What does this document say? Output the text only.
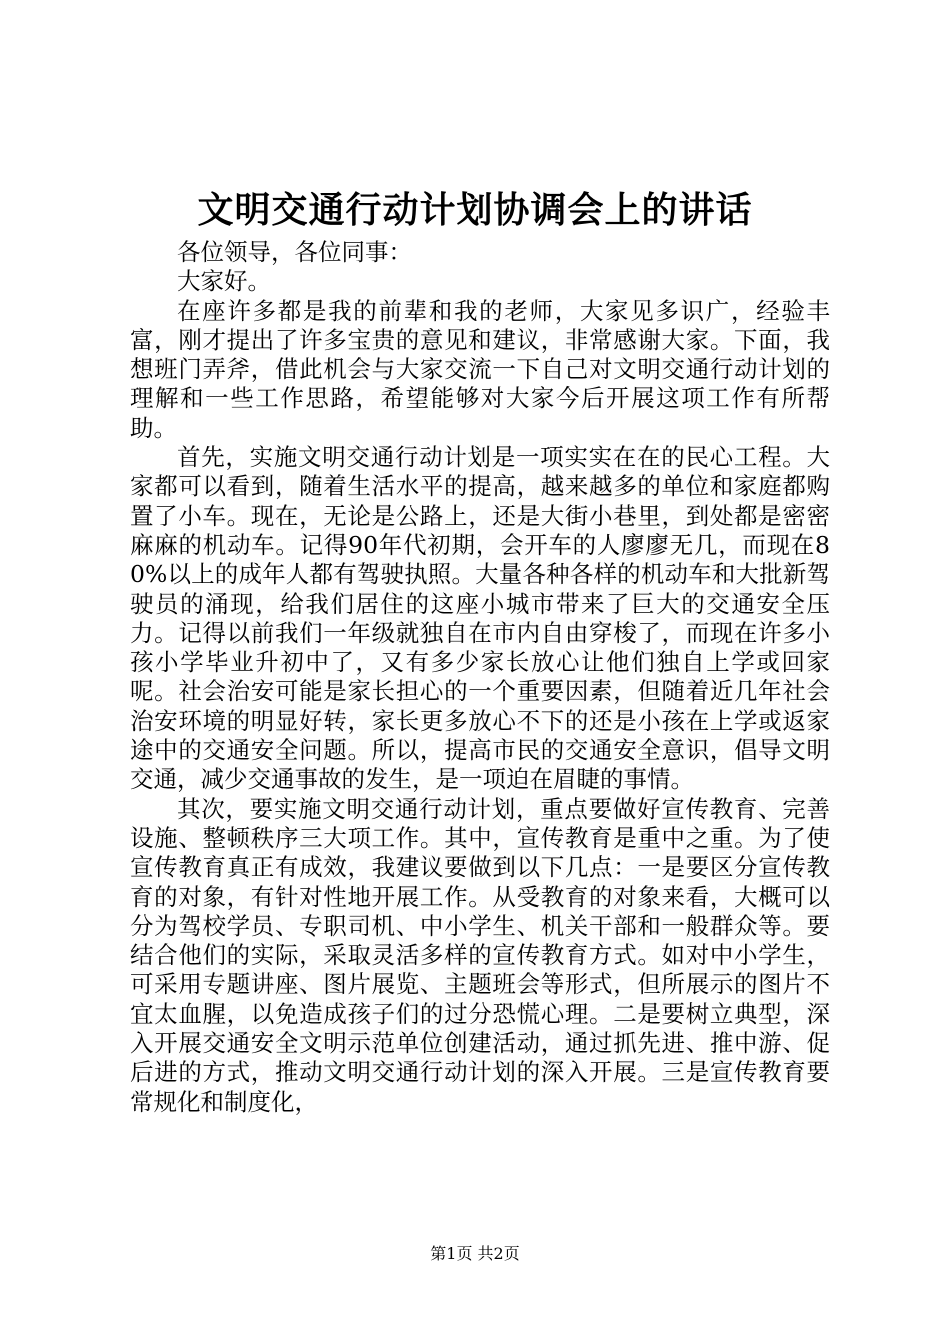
文明交通行动计划协调会上的讲话

各位领导，各位同事：

大家好。

在座许多都是我的前辈和我的老师，大家见多识广，经验丰富，刚才提出了许多宝贵的意见和建议，非常感谢大家。下面，我想班门弄斧，借此机会与大家交流一下自己对文明交通行动计划的理解和一些工作思路，希望能够对大家今后开展这项工作有所帮助。

首先，实施文明交通行动计划是一项实实在在的民心工程。大家都可以看到，随着生活水平的提高，越来越多的单位和家庭都购置了小车。现在，无论是公路上，还是大街小巷里，到处都是密密麻麻的机动车。记得90年代初期，会开车的人廖廖无几，而现在80%以上的成年人都有驾驶执照。大量各种各样的机动车和大批新驾驶员的涌现，给我们居住的这座小城市带来了巨大的交通安全压力。记得以前我们一年级就独自在市内自由穿梭了，而现在许多小孩小学毕业升初中了，又有多少家长放心让他们独自上学或回家呢。社会治安可能是家长担心的一个重要因素，但随着近几年社会治安环境的明显好转，家长更多放心不下的还是小孩在上学或返家途中的交通安全问题。所以，提高市民的交通安全意识，倡导文明交通，减少交通事故的发生，是一项迫在眉睫的事情。

其次，要实施文明交通行动计划，重点要做好宣传教育、完善设施、整顿秩序三大项工作。其中，宣传教育是重中之重。为了使宣传教育真正有成效，我建议要做到以下几点：一是要区分宣传教育的对象，有针对性地开展工作。从受教育的对象来看，大概可以分为驾校学员、专职司机、中小学生、机关干部和一般群众等。要结合他们的实际，采取灵活多样的宣传教育方式。如对中小学生，可采用专题讲座、图片展览、主题班会等形式，但所展示的图片不宜太血腥，以免造成孩子们的过分恐慌心理。二是要树立典型，深入开展交通安全文明示范单位创建活动，通过抓先进、推中游、促后进的方式，推动文明交通行动计划的深入开展。三是宣传教育要常规化和制度化，

第1页 共2页
